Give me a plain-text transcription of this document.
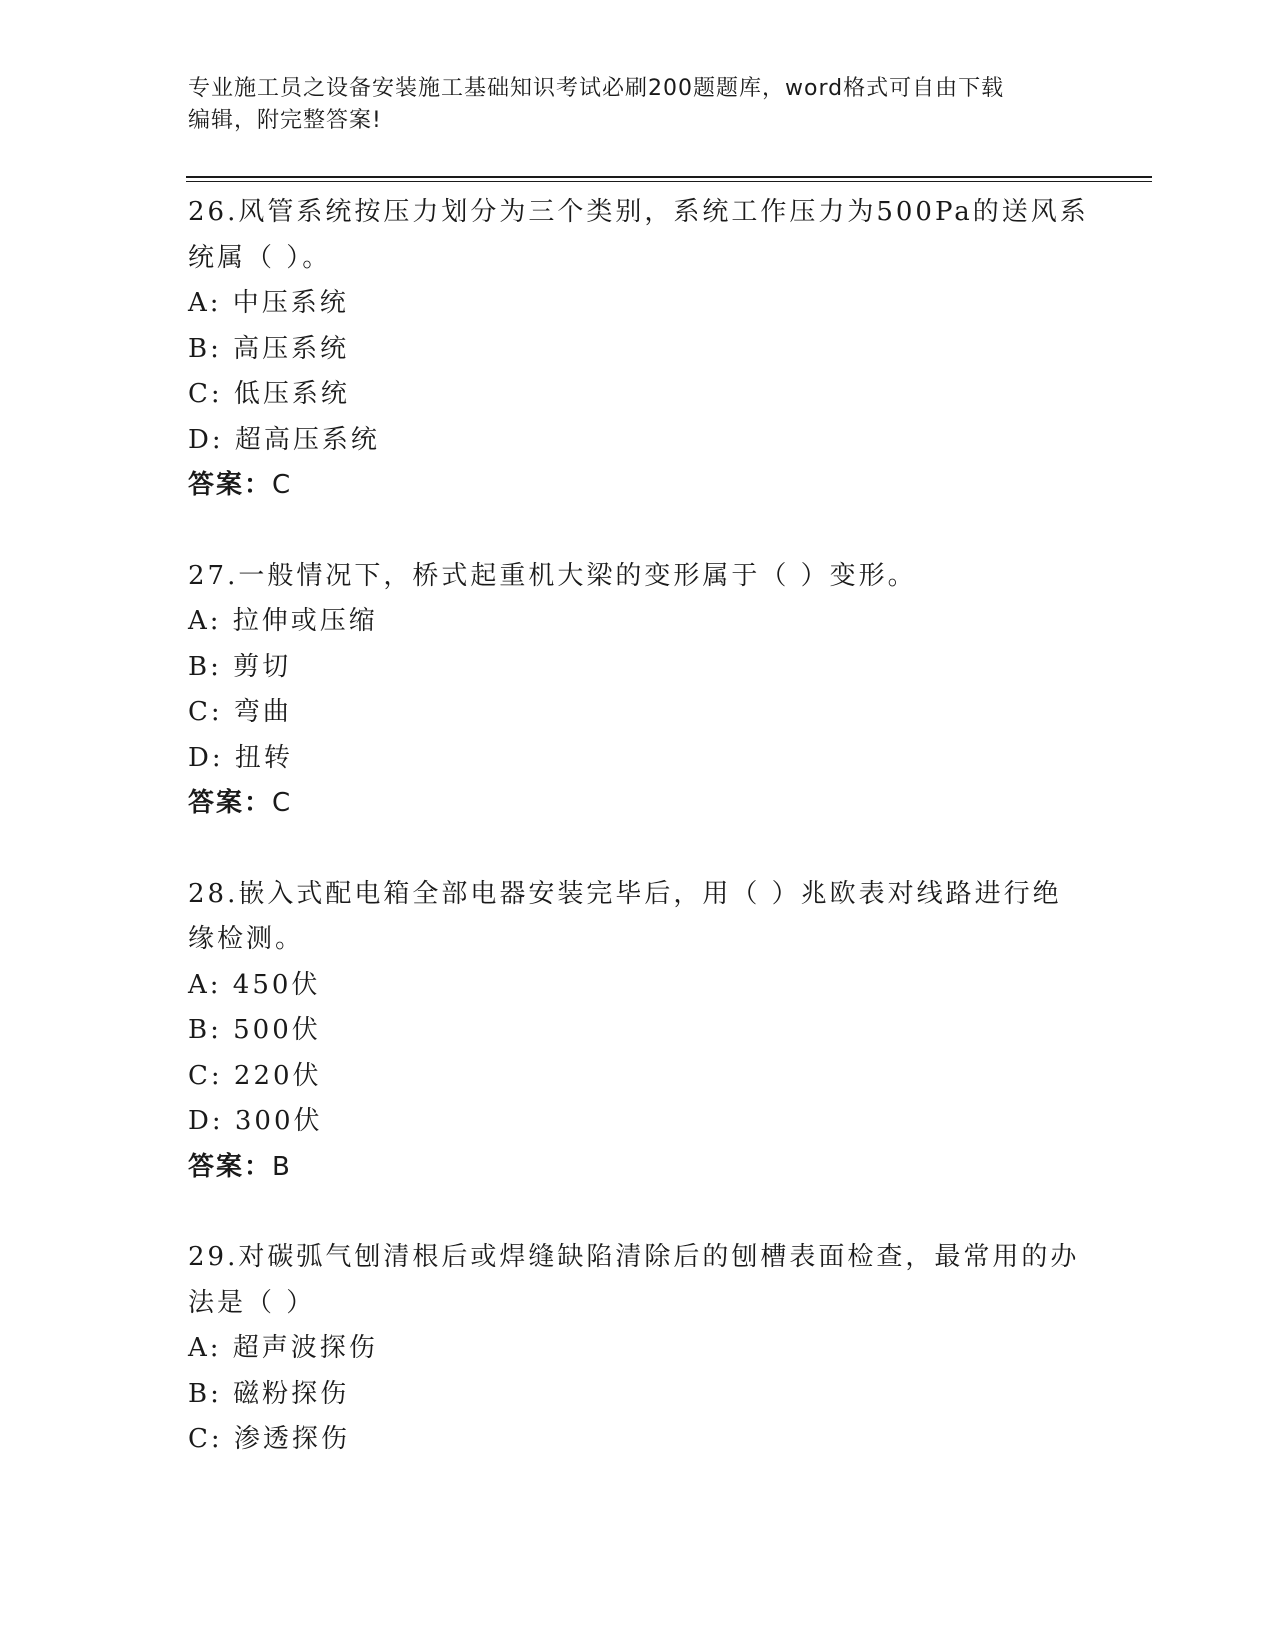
专业施工员之设备安装施工基础知识考试必刷200题题库，word格式可自由下载
编辑，附完整答案!
26.风管系统按压力划分为三个类别，系统工作压力为500Pa的送风系
统属（ ）。
A: 中压系统
B: 高压系统
C: 低压系统
D: 超高压系统
答案：C
27.一般情况下，桥式起重机大梁的变形属于（ ）变形。
A: 拉伸或压缩
B: 剪切
C: 弯曲
D: 扭转
答案：C
28.嵌入式配电箱全部电器安装完毕后，用（ ）兆欧表对线路进行绝
缘检测。
A: 450伏
B: 500伏
C: 220伏
D: 300伏
答案：B
29.对碳弧气刨清根后或焊缝缺陷清除后的刨槽表面检查，最常用的办
法是（ ）
A: 超声波探伤
B: 磁粉探伤
C: 渗透探伤
